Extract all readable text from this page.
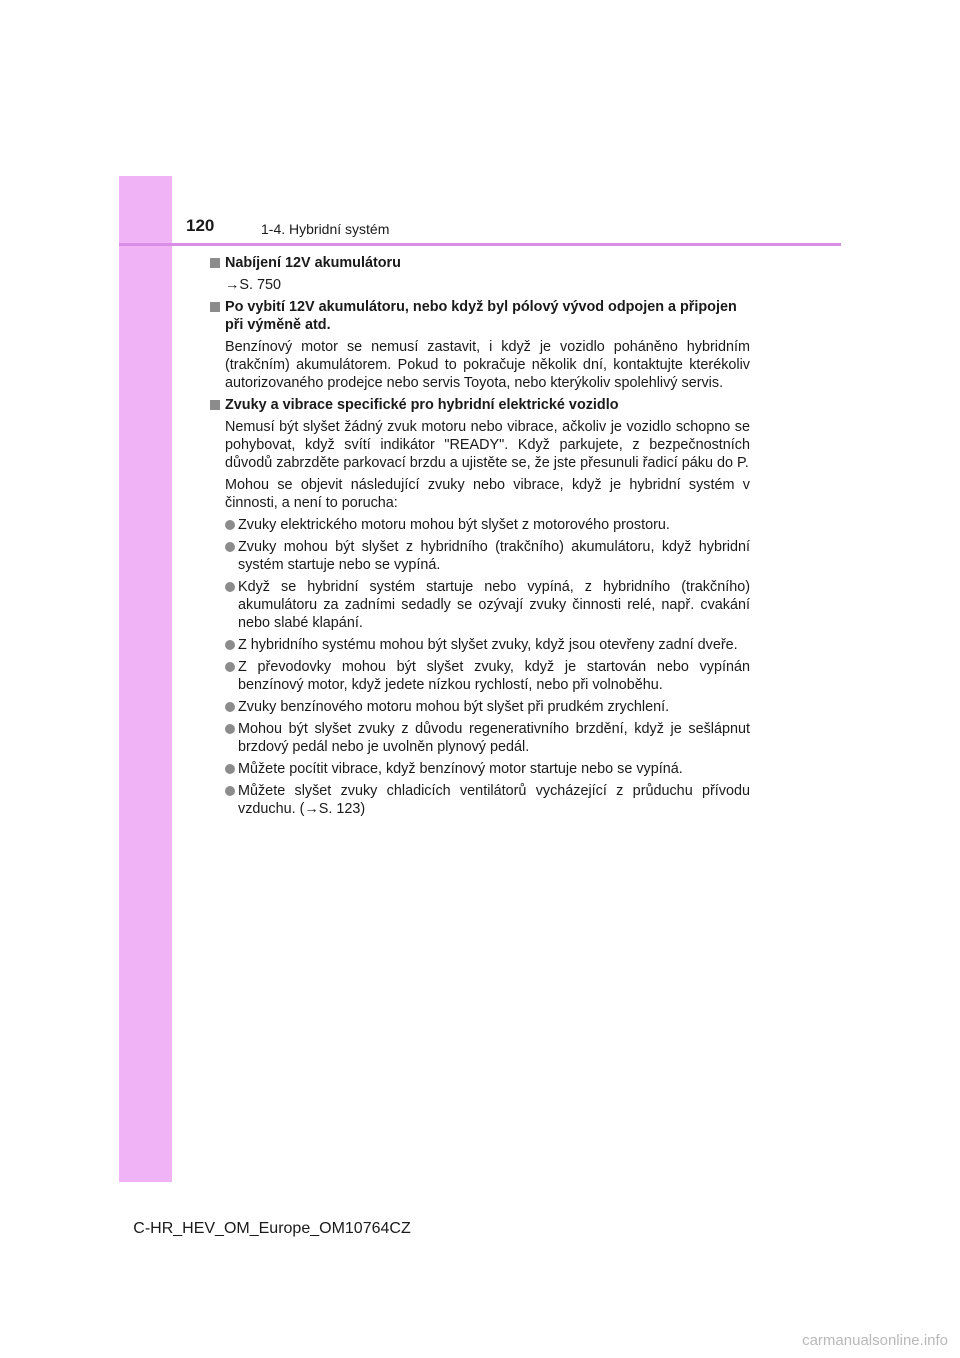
120	1-4. Hybridní systém
Nabíjení 12V akumulátoru
→S. 750
Po vybití 12V akumulátoru, nebo když byl pólový vývod odpojen a připojen při výměně atd.
Benzínový motor se nemusí zastavit, i když je vozidlo poháněno hybridním (trakčním) akumulátorem. Pokud to pokračuje několik dní, kontaktujte kterékoliv autorizovaného prodejce nebo servis Toyota, nebo kterýkoliv spolehlivý servis.
Zvuky a vibrace specifické pro hybridní elektrické vozidlo
Nemusí být slyšet žádný zvuk motoru nebo vibrace, ačkoliv je vozidlo schopno se pohybovat, když svítí indikátor "READY". Když parkujete, z bezpečnostních důvodů zabrzděte parkovací brzdu a ujistěte se, že jste přesunuli řadicí páku do P.
Mohou se objevit následující zvuky nebo vibrace, když je hybridní systém v činnosti, a není to porucha:
Zvuky elektrického motoru mohou být slyšet z motorového prostoru.
Zvuky mohou být slyšet z hybridního (trakčního) akumulátoru, když hybridní systém startuje nebo se vypíná.
Když se hybridní systém startuje nebo vypíná, z hybridního (trakčního) akumulátoru za zadními sedadly se ozývají zvuky činnosti relé, např. cvakání nebo slabé klapání.
Z hybridního systému mohou být slyšet zvuky, když jsou otevřeny zadní dveře.
Z převodovky mohou být slyšet zvuky, když je startován nebo vypínán benzínový motor, když jedete nízkou rychlostí, nebo při volnoběhu.
Zvuky benzínového motoru mohou být slyšet při prudkém zrychlení.
Mohou být slyšet zvuky z důvodu regenerativního brzdění, když je sešlápnut brzdový pedál nebo je uvolněn plynový pedál.
Můžete pocítit vibrace, když benzínový motor startuje nebo se vypíná.
Můžete slyšet zvuky chladicích ventilátorů vycházející z průduchu přívodu vzduchu. (→S. 123)
C-HR_HEV_OM_Europe_OM10764CZ
carmanualsonline.info
